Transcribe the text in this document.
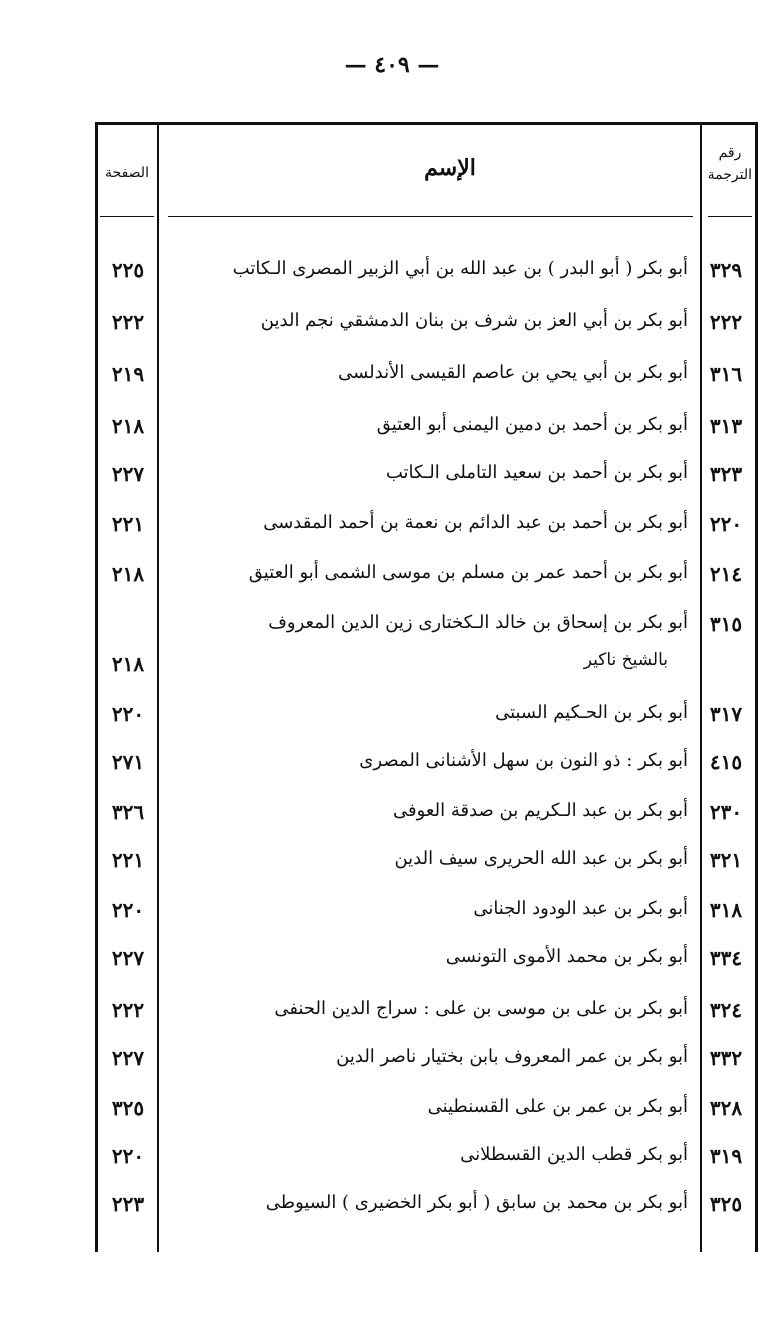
— ٤٠٩ —
رقم الترجمة
الإسم
الصفحة
٣٢٩
أبو بكر ( أبو البدر ) بن عبد الله بن أبي الزبير المصرى الـكاتب
٢٢٥
٢٢٢
أبو بكر بن أبي العز بن شرف بن بنان الدمشقي نجم الدين
٢٢٢
٣١٦
أبو بكر بن أبي يحي بن عاصم القيسى الأندلسى
٢١٩
٣١٣
أبو بكر بن أحمد بن دمين اليمنى أبو العتيق
٢١٨
٣٢٣
أبو بكر بن أحمد بن سعيد التاملى الـكاتب
٢٢٧
٢٢٠
أبو بكر بن أحمد بن عبد الدائم بن نعمة بن أحمد المقدسى
٢٢١
٢١٤
أبو بكر بن أحمد عمر بن مسلم بن موسى الشمى أبو العتيق
٢١٨
٣١٥
أبو بكر بن إسحاق بن خالد الـكختارى زين الدين المعروف
بالشيخ ناكير
٢١٨
٣١٧
أبو بكر بن الحـكيم السبتى
٢٢٠
٤١٥
أبو بكر : ذو النون بن سهل الأشنانى المصرى
٢٧١
٢٣٠
أبو بكر بن عبد الـكريم بن صدقة العوفى
٣٢٦
٣٢١
أبو بكر بن عبد الله الحريرى سيف الدين
٢٢١
٣١٨
أبو بكر بن عبد الودود الجنانى
٢٢٠
٣٣٤
أبو بكر بن محمد الأموى التونسى
٢٢٧
٣٢٤
أبو بكر بن على بن موسى بن على : سراج الدين الحنفى
٢٢٢
٣٣٢
أبو بكر بن عمر المعروف بابن بختيار ناصر الدين
٢٢٧
٣٢٨
أبو بكر بن عمر بن على القسنطينى
٣٢٥
٣١٩
أبو بكر قطب الدين القسطلانى
٢٢٠
٣٢٥
أبو بكر بن محمد بن سابق ( أبو بكر الخضيرى ) السيوطى
٢٢٣
